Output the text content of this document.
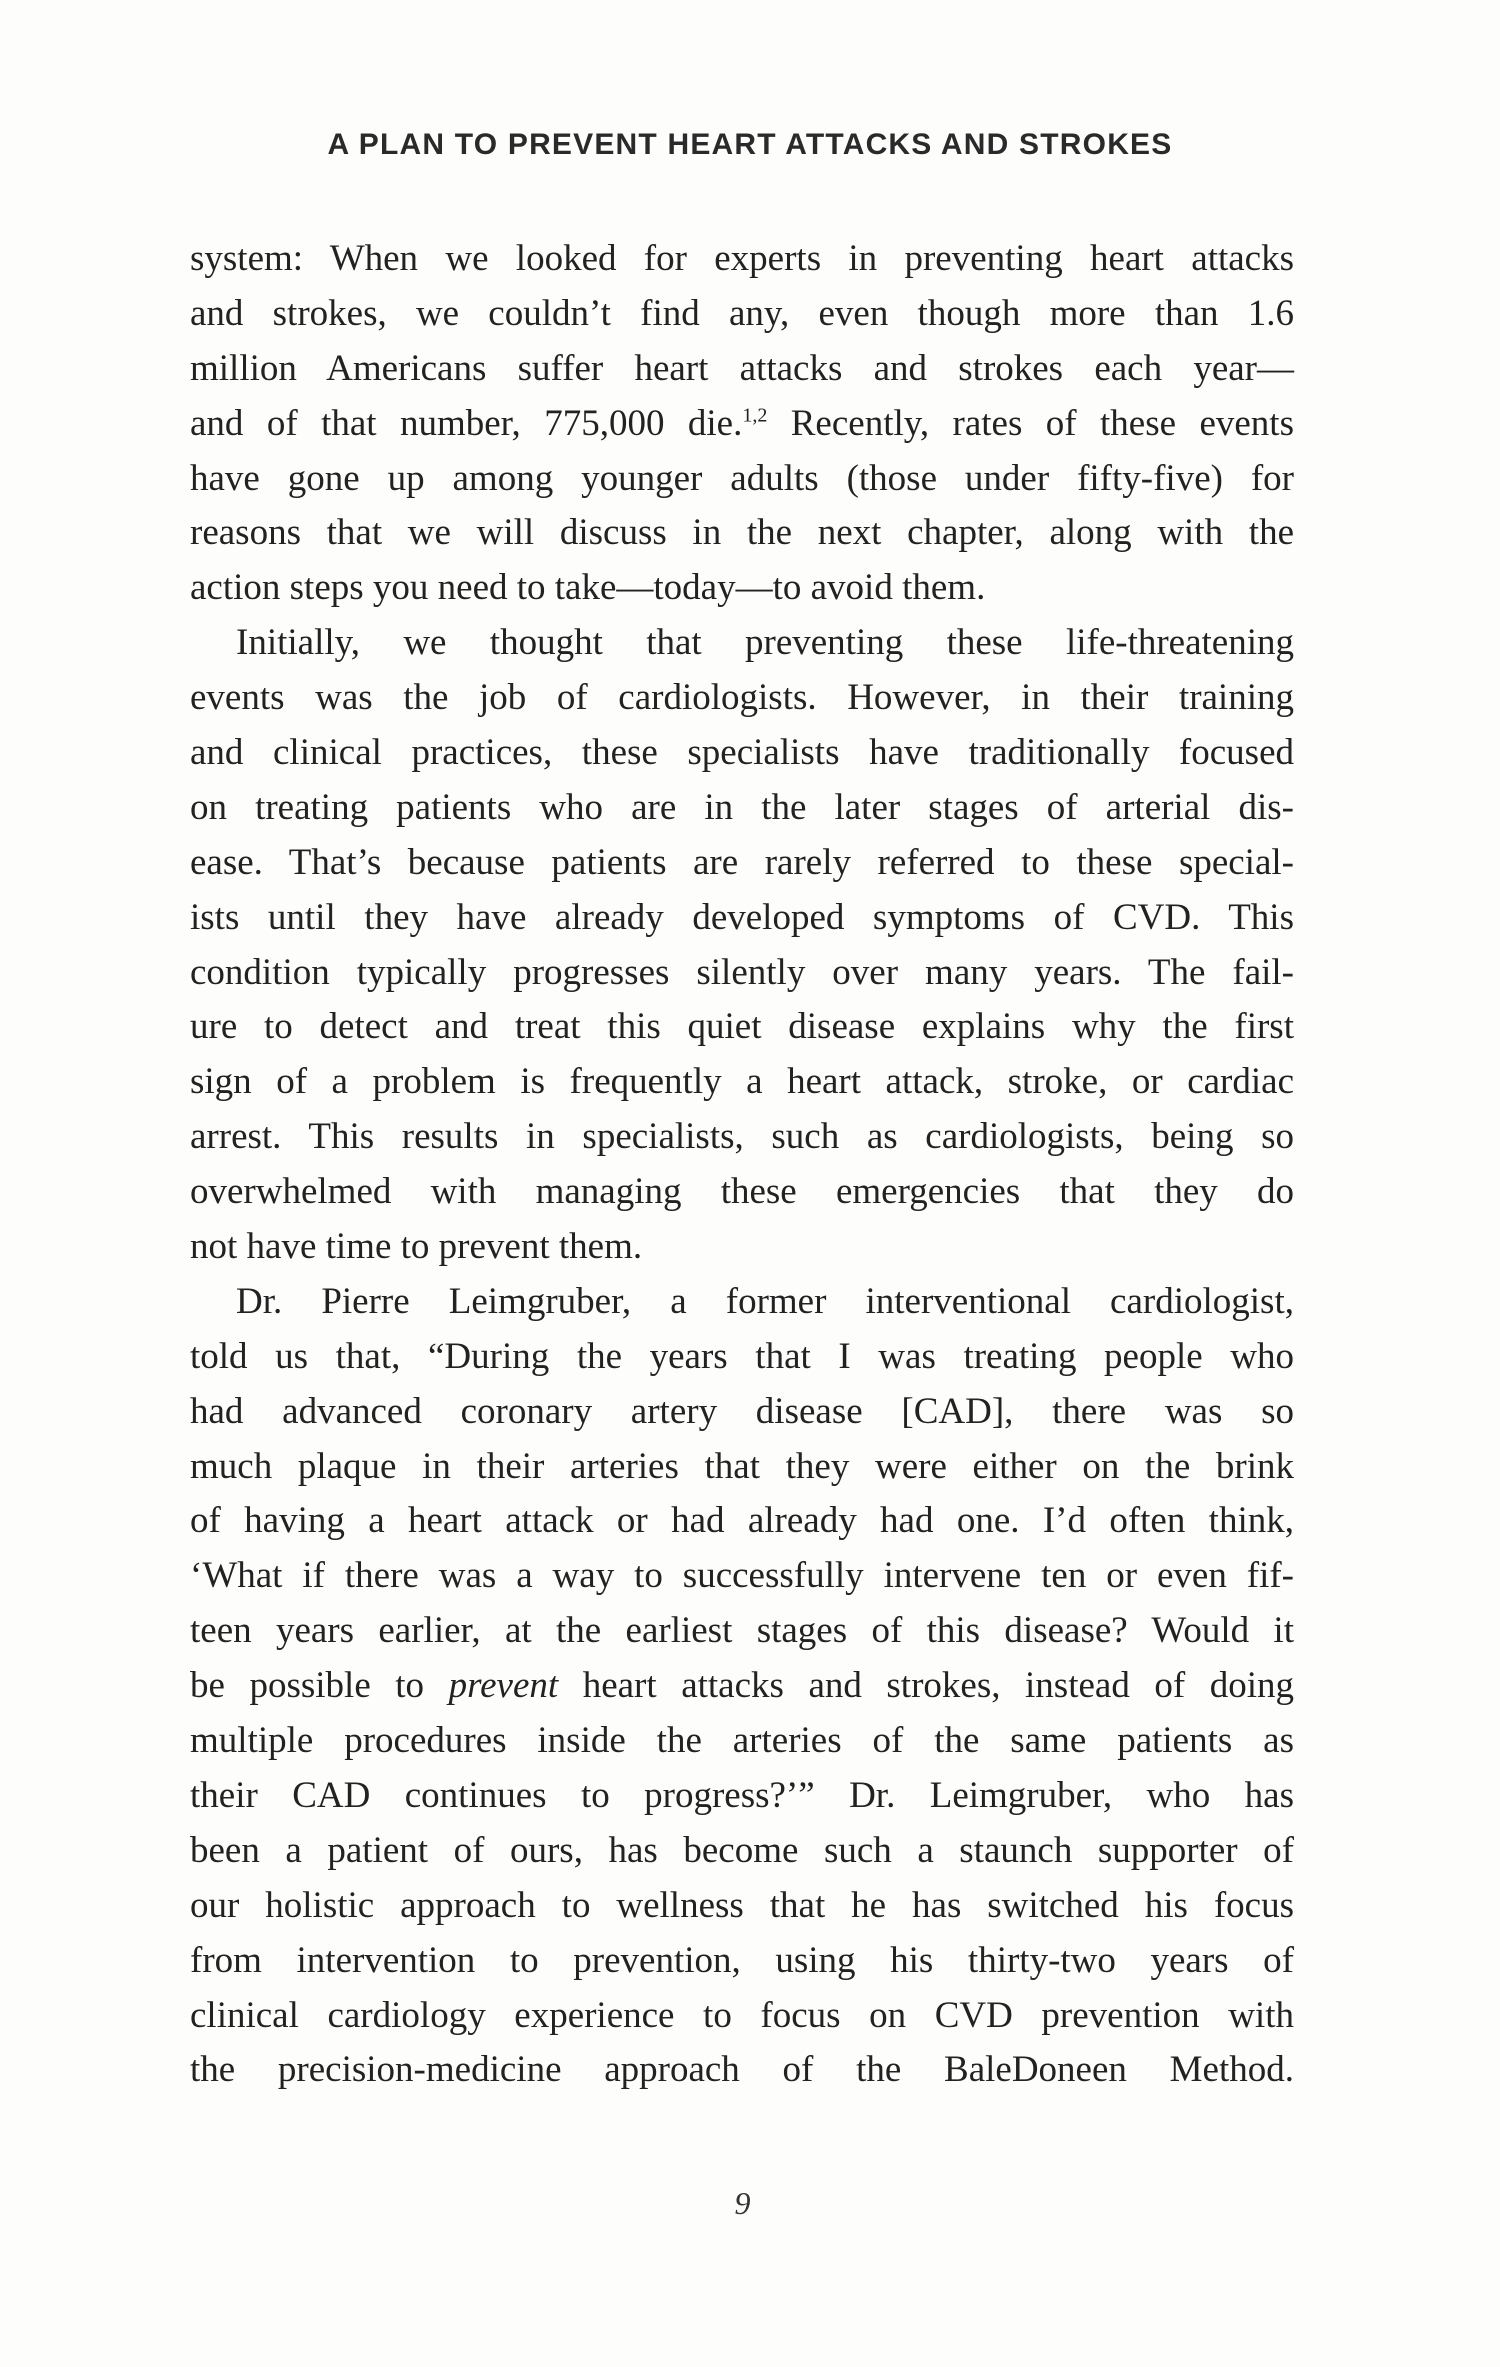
A PLAN TO PREVENT HEART ATTACKS AND STROKES
system: When we looked for experts in preventing heart attacks
and strokes, we couldn’t find any, even though more than 1.6
million Americans suffer heart attacks and strokes each year—
and of that number, 775,000 die.$^{1,2}$ Recently, rates of these events
have gone up among younger adults (those under fifty-five) for
reasons that we will discuss in the next chapter, along with the
action steps you need to take—today—to avoid them.
Initially, we thought that preventing these life-threatening
events was the job of cardiologists. However, in their training
and clinical practices, these specialists have traditionally focused
on treating patients who are in the later stages of arterial dis-
ease. That’s because patients are rarely referred to these special-
ists until they have already developed symptoms of CVD. This
condition typically progresses silently over many years. The fail-
ure to detect and treat this quiet disease explains why the first
sign of a problem is frequently a heart attack, stroke, or cardiac
arrest. This results in specialists, such as cardiologists, being so
overwhelmed with managing these emergencies that they do
not have time to prevent them.
Dr. Pierre Leimgruber, a former interventional cardiologist,
told us that, “During the years that I was treating people who
had advanced coronary artery disease [CAD], there was so
much plaque in their arteries that they were either on the brink
of having a heart attack or had already had one. I’d often think,
‘What if there was a way to successfully intervene ten or even fif-
teen years earlier, at the earliest stages of this disease? Would it
be possible to prevent heart attacks and strokes, instead of doing
multiple procedures inside the arteries of the same patients as
their CAD continues to progress?’” Dr. Leimgruber, who has
been a patient of ours, has become such a staunch supporter of
our holistic approach to wellness that he has switched his focus
from intervention to prevention, using his thirty-two years of
clinical cardiology experience to focus on CVD prevention with
the precision-medicine approach of the BaleDoneen Method.
9
